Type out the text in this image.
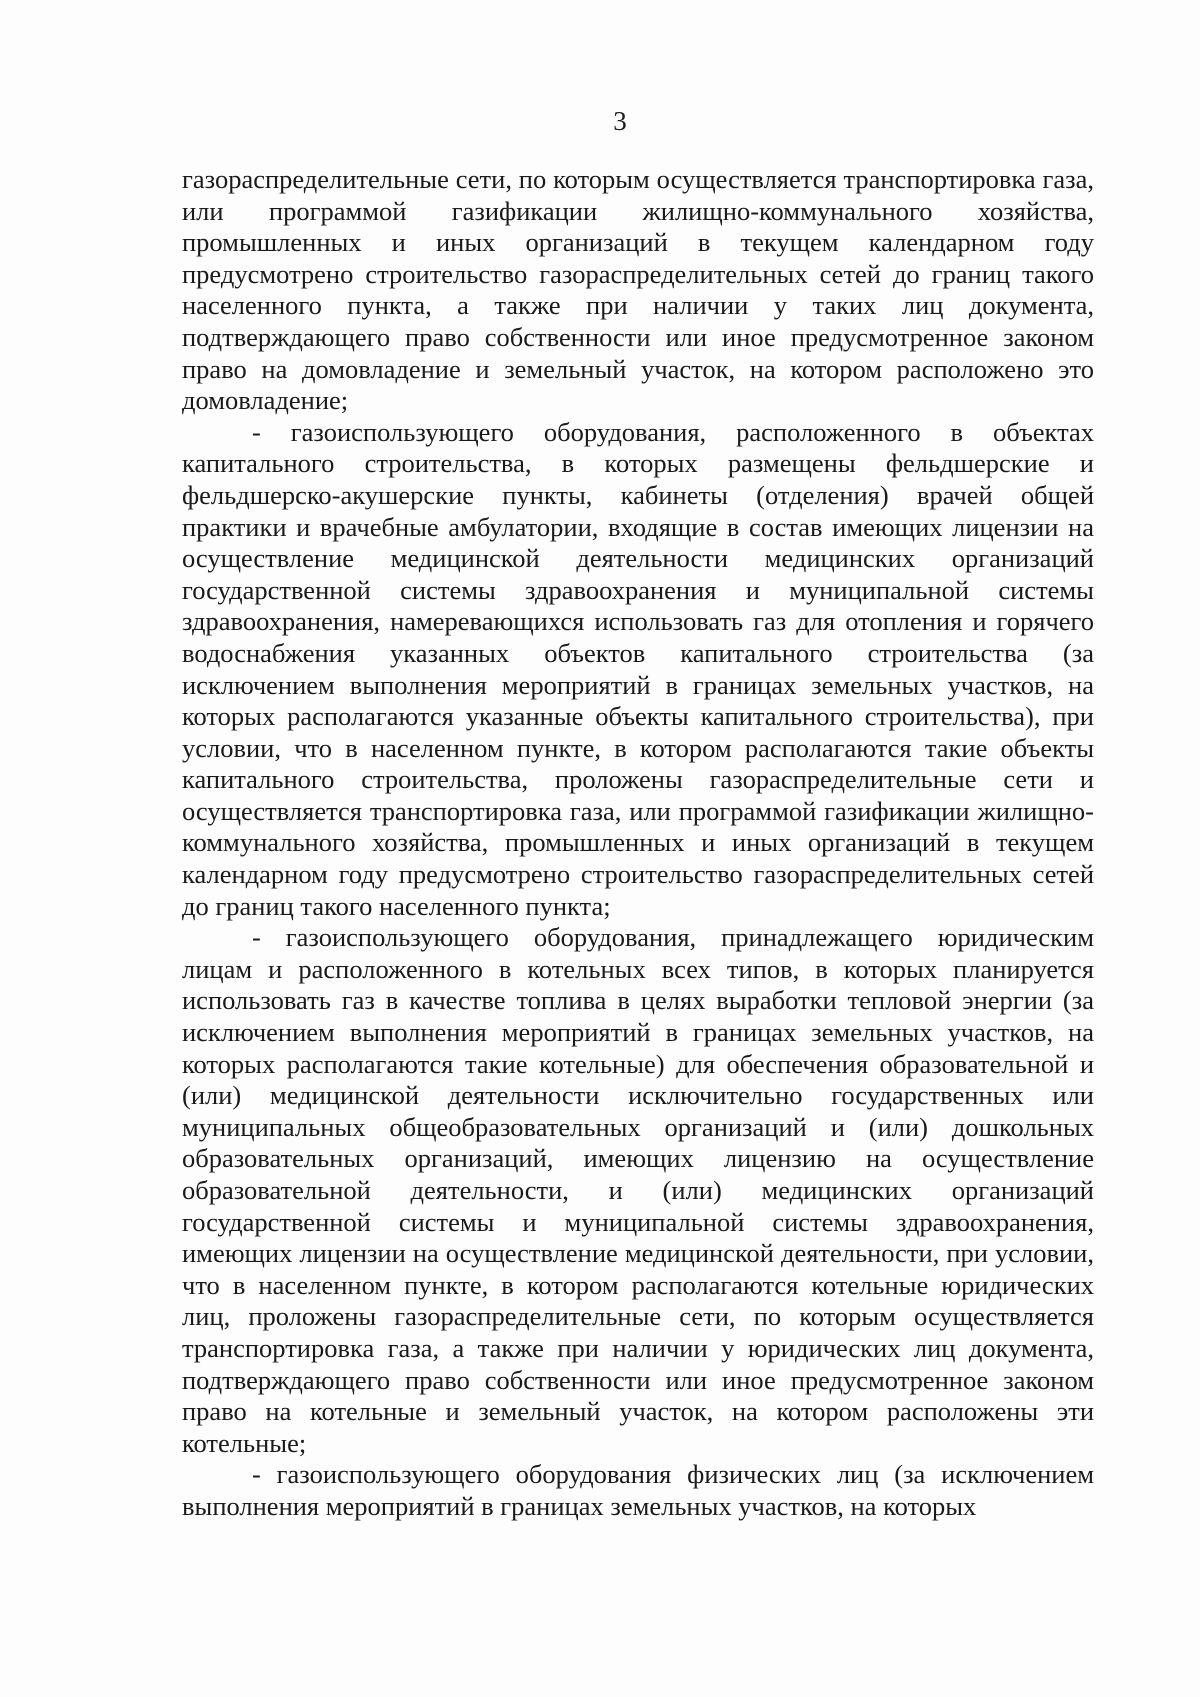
3

газораспределительные сети, по которым осуществляется транспортировка газа, или программой газификации жилищно-коммунального хозяйства, промышленных и иных организаций в текущем календарном году предусмотрено строительство газораспределительных сетей до границ такого населенного пункта, а также при наличии у таких лиц документа, подтверждающего право собственности или иное предусмотренное законом право на домовладение и земельный участок, на котором расположено это домовладение;

- газоиспользующего оборудования, расположенного в объектах капитального строительства, в которых размещены фельдшерские и фельдшерско-акушерские пункты, кабинеты (отделения) врачей общей практики и врачебные амбулатории, входящие в состав имеющих лицензии на осуществление медицинской деятельности медицинских организаций государственной системы здравоохранения и муниципальной системы здравоохранения, намеревающихся использовать газ для отопления и горячего водоснабжения указанных объектов капитального строительства (за исключением выполнения мероприятий в границах земельных участков, на которых располагаются указанные объекты капитального строительства), при условии, что в населенном пункте, в котором располагаются такие объекты капитального строительства, проложены газораспределительные сети и осуществляется транспортировка газа, или программой газификации жилищно-коммунального хозяйства, промышленных и иных организаций в текущем календарном году предусмотрено строительство газораспределительных сетей до границ такого населенного пункта;

- газоиспользующего оборудования, принадлежащего юридическим лицам и расположенного в котельных всех типов, в которых планируется использовать газ в качестве топлива в целях выработки тепловой энергии (за исключением выполнения мероприятий в границах земельных участков, на которых располагаются такие котельные) для обеспечения образовательной и (или) медицинской деятельности исключительно государственных или муниципальных общеобразовательных организаций и (или) дошкольных образовательных организаций, имеющих лицензию на осуществление образовательной деятельности, и (или) медицинских организаций государственной системы и муниципальной системы здравоохранения, имеющих лицензии на осуществление медицинской деятельности, при условии, что в населенном пункте, в котором располагаются котельные юридических лиц, проложены газораспределительные сети, по которым осуществляется транспортировка газа, а также при наличии у юридических лиц документа, подтверждающего право собственности или иное предусмотренное законом право на котельные и земельный участок, на котором расположены эти котельные;

- газоиспользующего оборудования физических лиц (за исключением выполнения мероприятий в границах земельных участков, на которых
